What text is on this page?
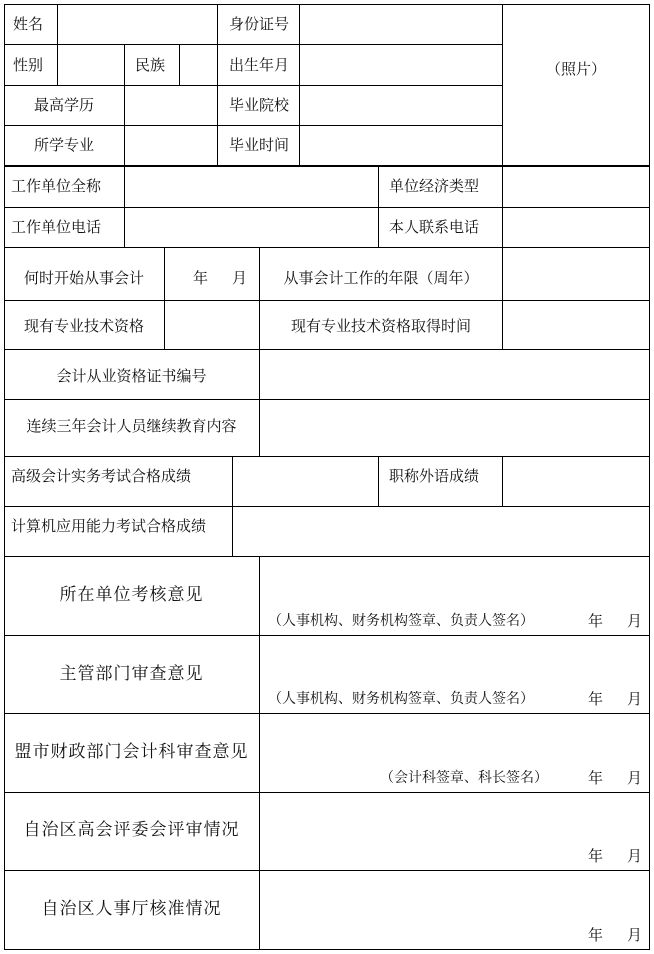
姓名	身份证号
性别	民族	出生年月	（照片）
最高学历	毕业院校
所学专业	毕业时间
工作单位全称	单位经济类型
工作单位电话	本人联系电话
何时开始从事会计	年 月	从事会计工作的年限（周年）
现有专业技术资格	现有专业技术资格取得时间
会计从业资格证书编号
连续三年会计人员继续教育内容
高级会计实务考试合格成绩	职称外语成绩
计算机应用能力考试合格成绩
所在单位考核意见
（人事机构、财务机构签章、负责人签名）	年 月
主管部门审查意见
（人事机构、财务机构签章、负责人签名）	年 月
盟市财政部门会计科审查意见
（会计科签章、科长签名）	年 月
自治区高会评委会评审情况
年 月
自治区人事厅核准情况
年 月
